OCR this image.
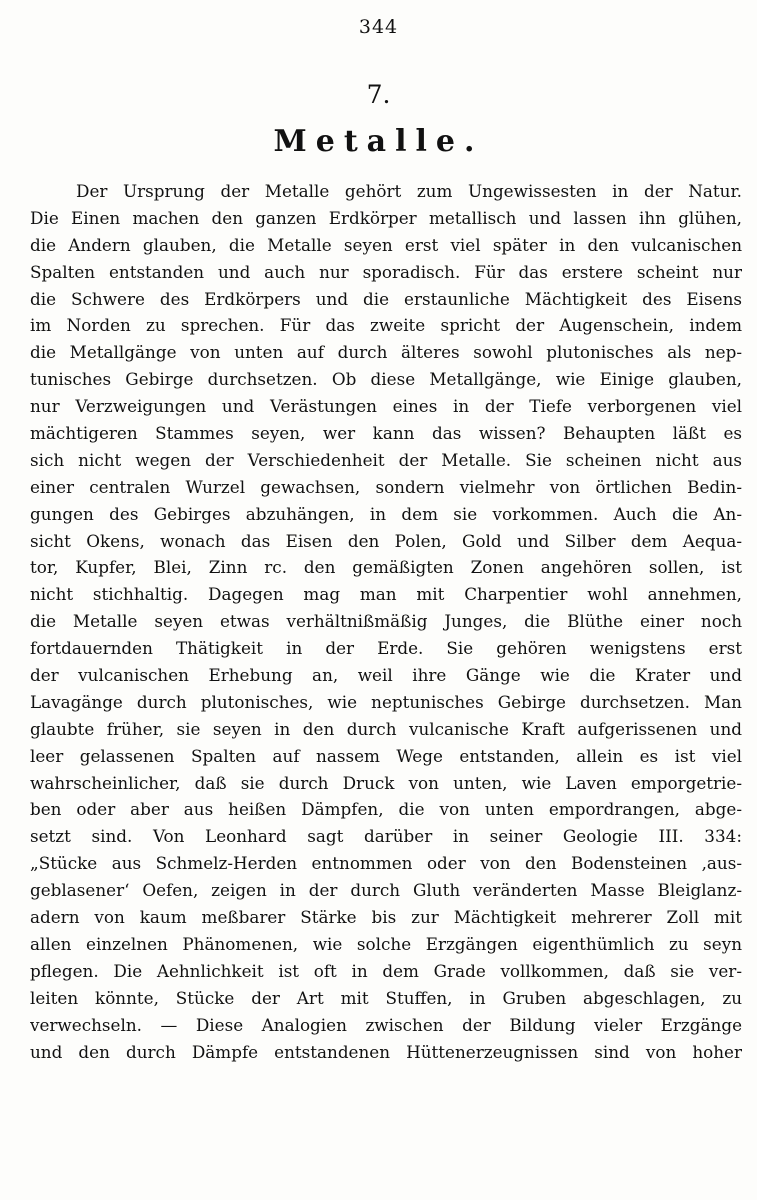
344
7.
Metalle.
Der Ursprung der Metalle gehört zum Ungewissesten in der Natur.
Die Einen machen den ganzen Erdkörper metallisch und lassen ihn glühen,
die Andern glauben, die Metalle seyen erst viel später in den vulcanischen
Spalten entstanden und auch nur sporadisch. Für das erstere scheint nur
die Schwere des Erdkörpers und die erstaunliche Mächtigkeit des Eisens
im Norden zu sprechen. Für das zweite spricht der Augenschein, indem
die Metallgänge von unten auf durch älteres sowohl plutonisches als nep-
tunisches Gebirge durchsetzen. Ob diese Metallgänge, wie Einige glauben,
nur Verzweigungen und Verästungen eines in der Tiefe verborgenen viel
mächtigeren Stammes seyen, wer kann das wissen? Behaupten läßt es
sich nicht wegen der Verschiedenheit der Metalle. Sie scheinen nicht aus
einer centralen Wurzel gewachsen, sondern vielmehr von örtlichen Bedin-
gungen des Gebirges abzuhängen, in dem sie vorkommen. Auch die An-
sicht Okens, wonach das Eisen den Polen, Gold und Silber dem Aequa-
tor, Kupfer, Blei, Zinn rc. den gemäßigten Zonen angehören sollen, ist
nicht stichhaltig. Dagegen mag man mit Charpentier wohl annehmen,
die Metalle seyen etwas verhältnißmäßig Junges, die Blüthe einer noch
fortdauernden Thätigkeit in der Erde. Sie gehören wenigstens erst
der vulcanischen Erhebung an, weil ihre Gänge wie die Krater und
Lavagänge durch plutonisches, wie neptunisches Gebirge durchsetzen. Man
glaubte früher, sie seyen in den durch vulcanische Kraft aufgerissenen und
leer gelassenen Spalten auf nassem Wege entstanden, allein es ist viel
wahrscheinlicher, daß sie durch Druck von unten, wie Laven emporgetrie-
ben oder aber aus heißen Dämpfen, die von unten empordrangen, abge-
setzt sind. Von Leonhard sagt darüber in seiner Geologie III. 334:
„Stücke aus Schmelz-Herden entnommen oder von den Bodensteinen ‚aus-
geblasener‘ Oefen, zeigen in der durch Gluth veränderten Masse Bleiglanz-
adern von kaum meßbarer Stärke bis zur Mächtigkeit mehrerer Zoll mit
allen einzelnen Phänomenen, wie solche Erzgängen eigenthümlich zu seyn
pflegen. Die Aehnlichkeit ist oft in dem Grade vollkommen, daß sie ver-
leiten könnte, Stücke der Art mit Stuffen, in Gruben abgeschlagen, zu
verwechseln. — Diese Analogien zwischen der Bildung vieler Erzgänge
und den durch Dämpfe entstandenen Hüttenerzeugnissen sind von hoher
